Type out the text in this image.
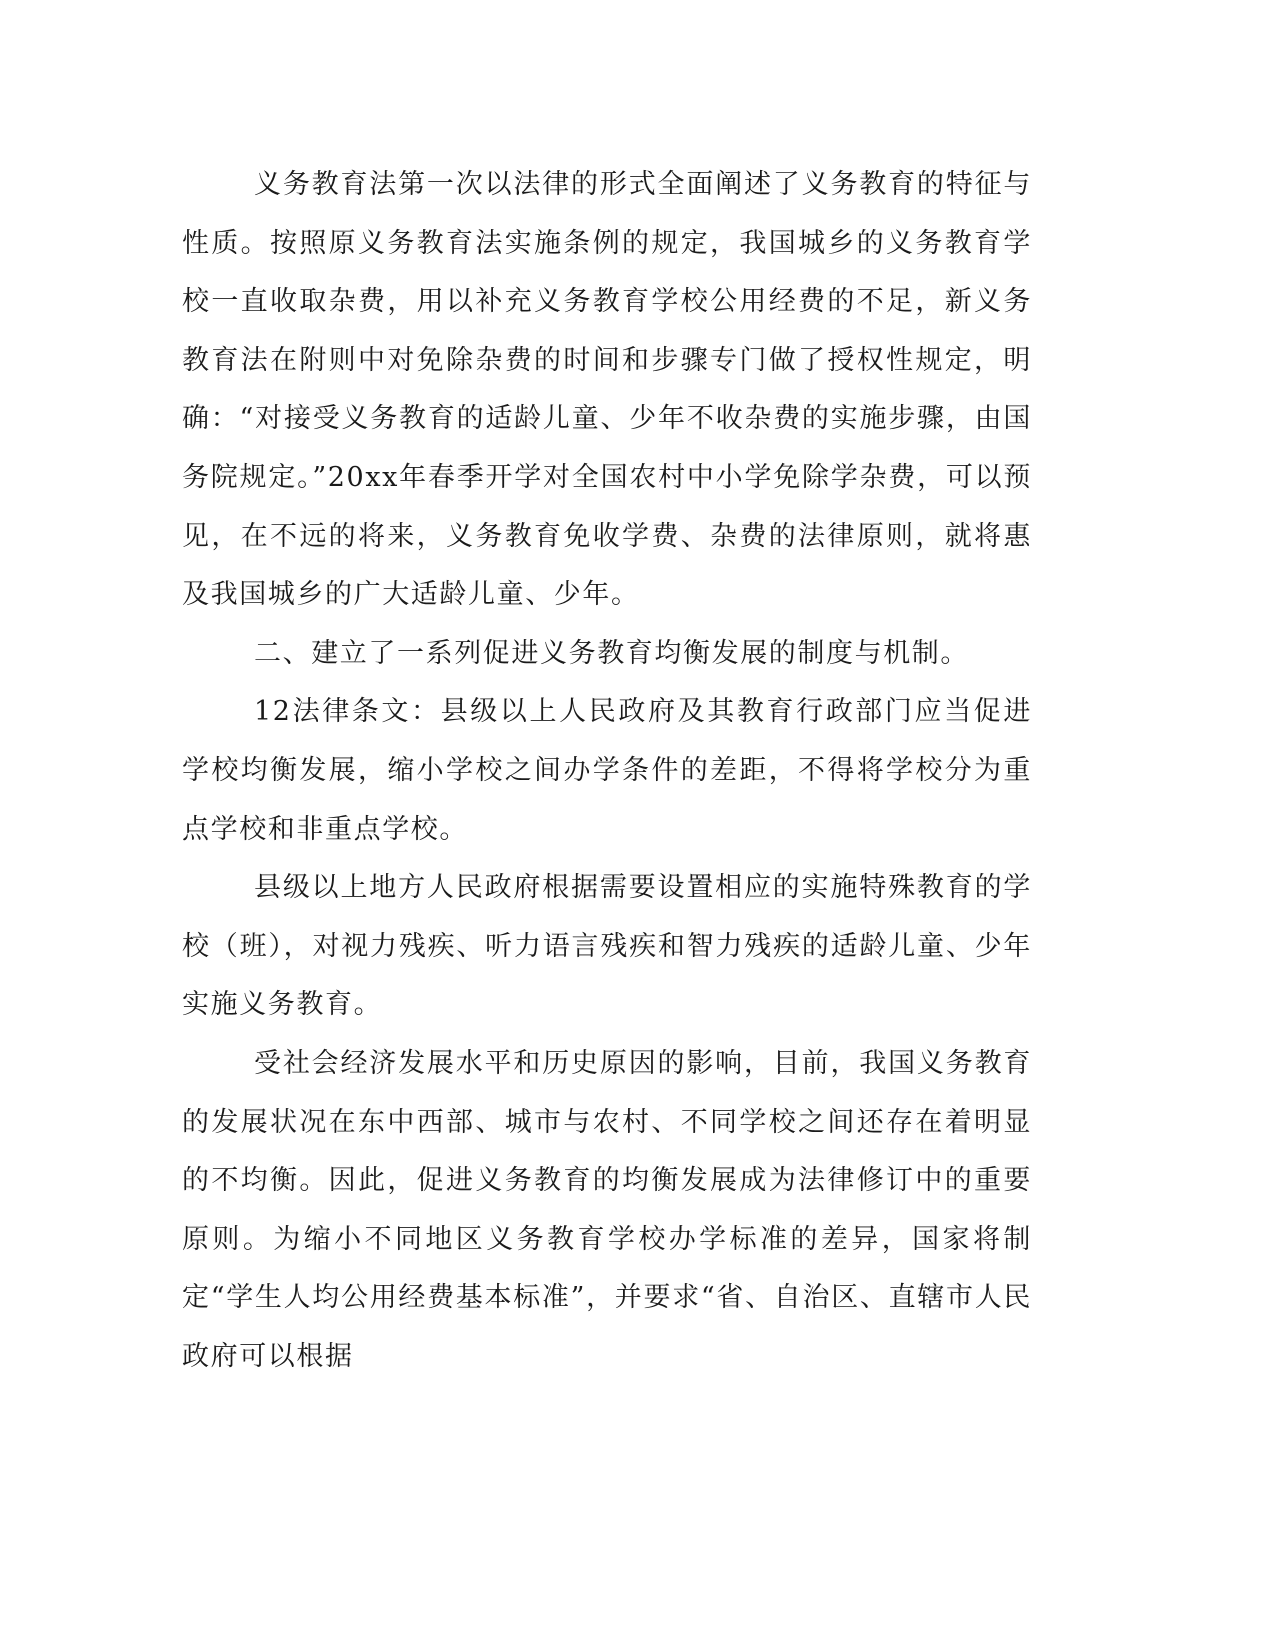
义务教育法第一次以法律的形式全面阐述了义务教育的特征与性质。按照原义务教育法实施条例的规定，我国城乡的义务教育学校一直收取杂费，用以补充义务教育学校公用经费的不足，新义务教育法在附则中对免除杂费的时间和步骤专门做了授权性规定，明确：“对接受义务教育的适龄儿童、少年不收杂费的实施步骤，由国务院规定。”20xx年春季开学对全国农村中小学免除学杂费，可以预见，在不远的将来，义务教育免收学费、杂费的法律原则，就将惠及我国城乡的广大适龄儿童、少年。

二、建立了一系列促进义务教育均衡发展的制度与机制。

12法律条文：县级以上人民政府及其教育行政部门应当促进学校均衡发展，缩小学校之间办学条件的差距，不得将学校分为重点学校和非重点学校。

县级以上地方人民政府根据需要设置相应的实施特殊教育的学校（班），对视力残疾、听力语言残疾和智力残疾的适龄儿童、少年实施义务教育。

受社会经济发展水平和历史原因的影响，目前，我国义务教育的发展状况在东中西部、城市与农村、不同学校之间还存在着明显的不均衡。因此，促进义务教育的均衡发展成为法律修订中的重要原则。为缩小不同地区义务教育学校办学标准的差异，国家将制定“学生人均公用经费基本标准”，并要求“省、自治区、直辖市人民政府可以根据
